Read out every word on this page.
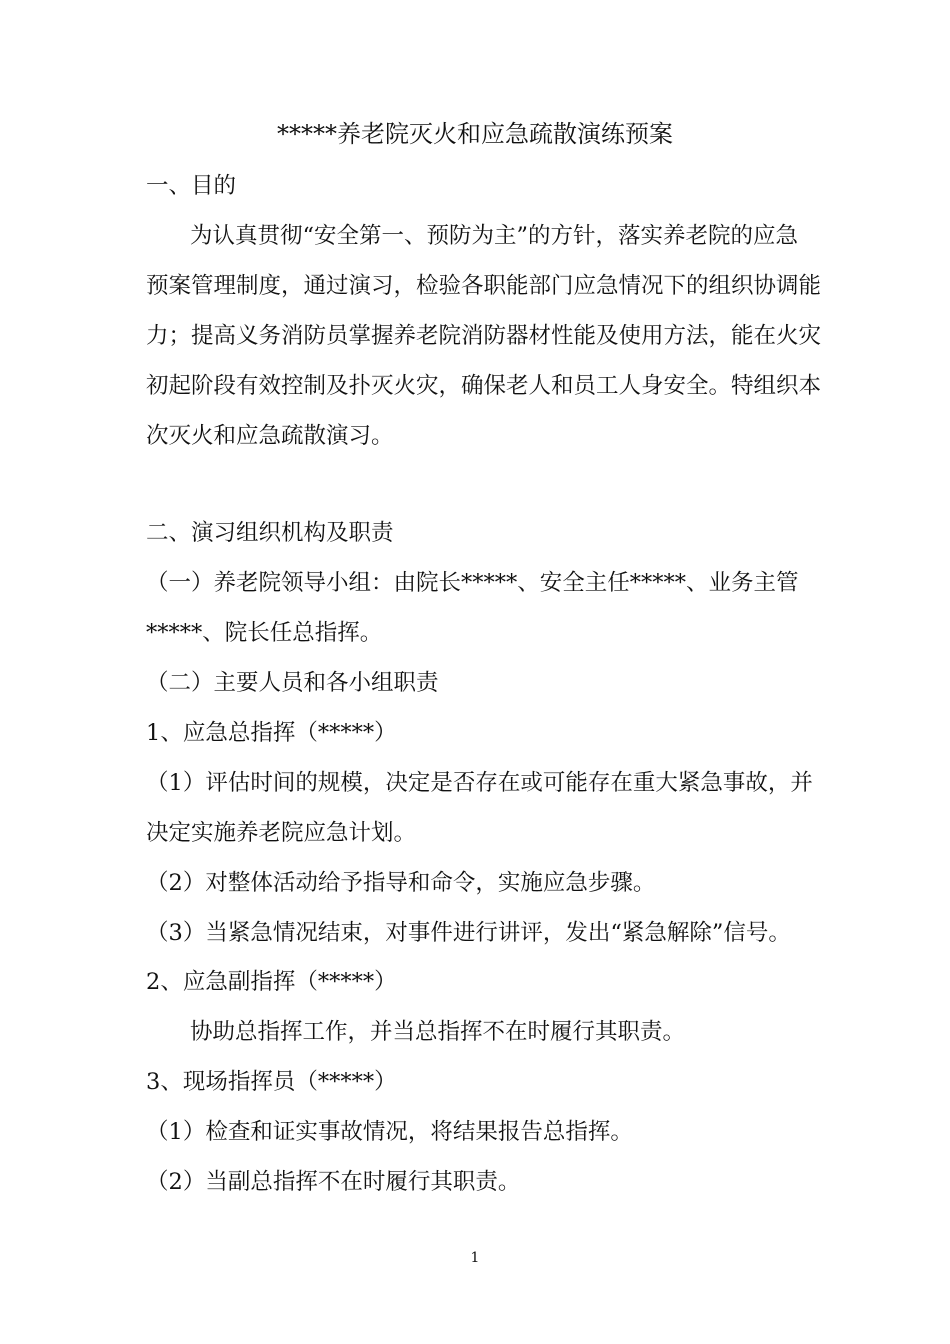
*****养老院灭火和应急疏散演练预案
一、目的
为认真贯彻“安全第一、预防为主”的方针，落实养老院的应急
预案管理制度，通过演习，检验各职能部门应急情况下的组织协调能
力；提高义务消防员掌握养老院消防器材性能及使用方法，能在火灾
初起阶段有效控制及扑灭火灾，确保老人和员工人身安全。特组织本
次灭火和应急疏散演习。
二、演习组织机构及职责
（一）养老院领导小组：由院长*****、安全主任*****、业务主管
*****、院长任总指挥。
（二）主要人员和各小组职责
1、应急总指挥（*****）
（1）评估时间的规模，决定是否存在或可能存在重大紧急事故，并
决定实施养老院应急计划。
（2）对整体活动给予指导和命令，实施应急步骤。
（3）当紧急情况结束，对事件进行讲评，发出“紧急解除”信号。
2、应急副指挥（*****）
协助总指挥工作，并当总指挥不在时履行其职责。
3、现场指挥员（*****）
（1）检查和证实事故情况，将结果报告总指挥。
（2）当副总指挥不在时履行其职责。
1
